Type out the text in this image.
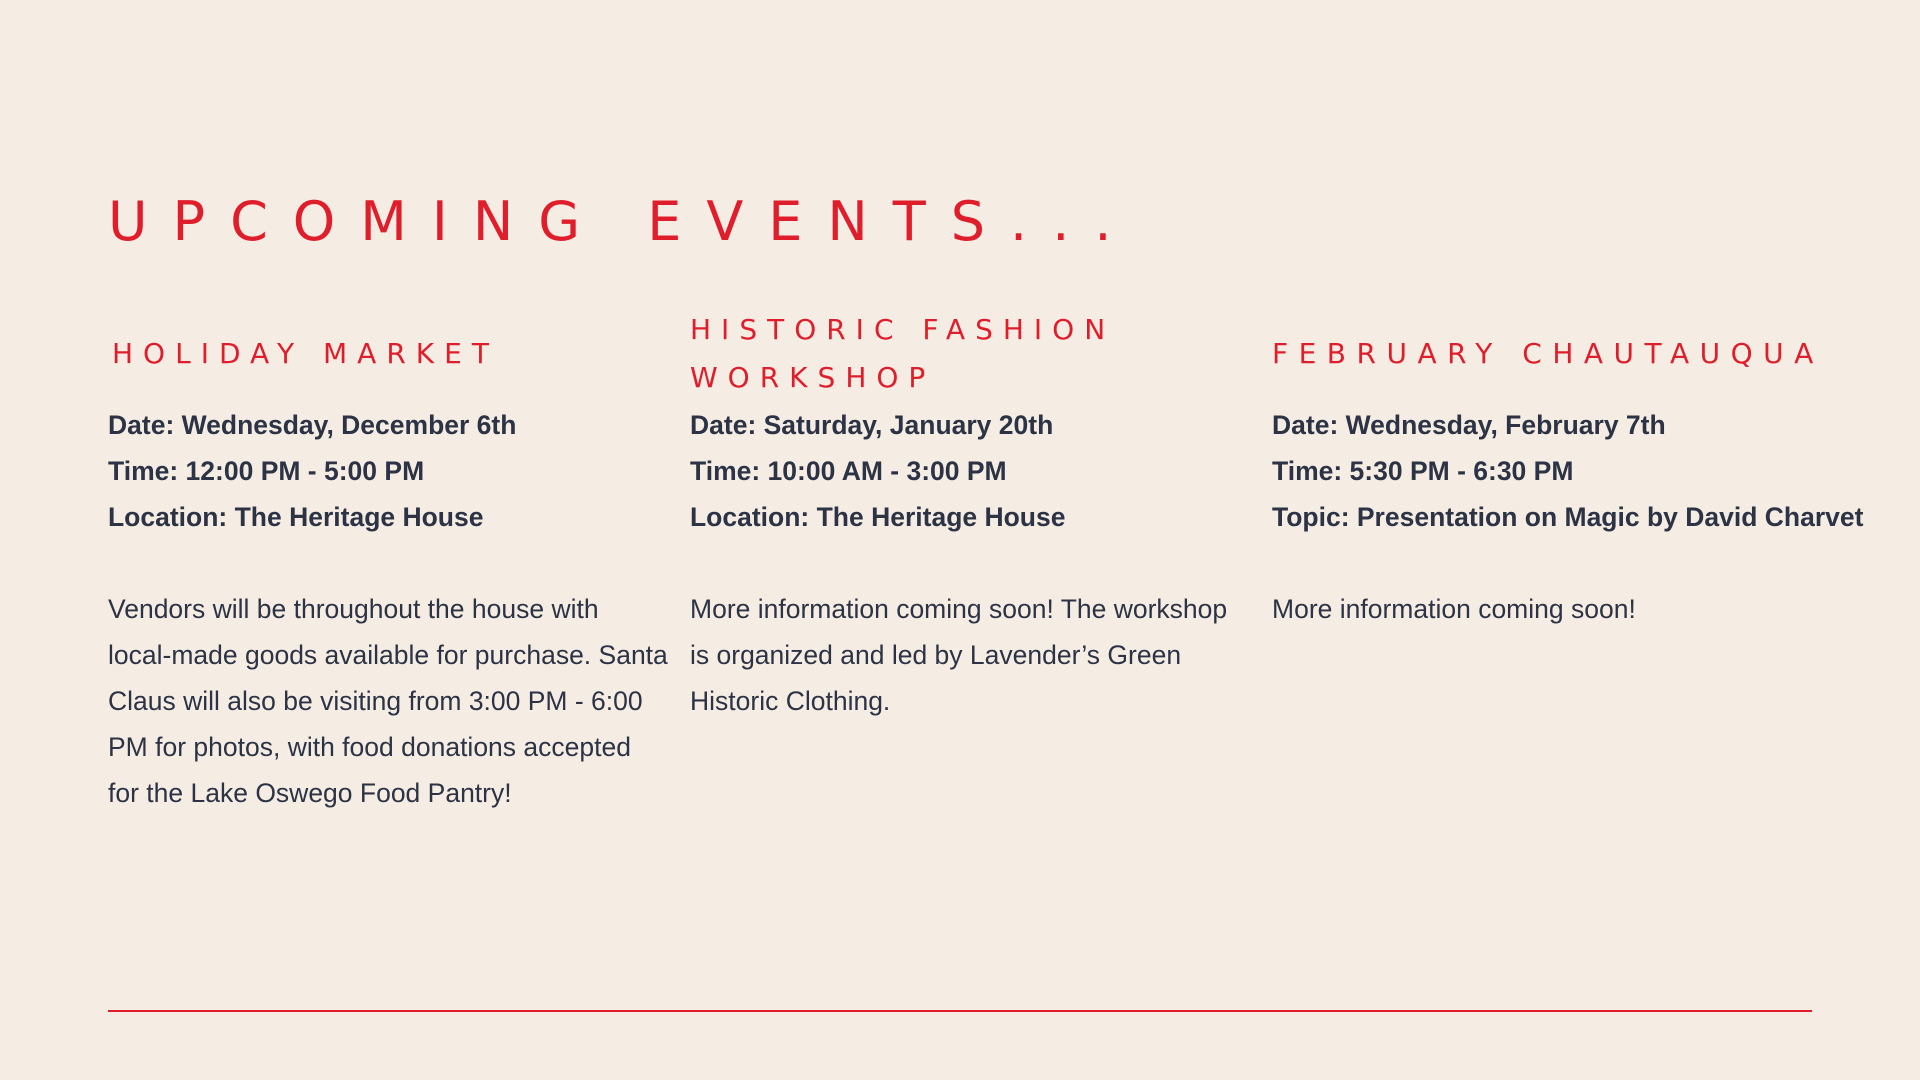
UPCOMING EVENTS...
HOLIDAY MARKET
Date: Wednesday, December 6th
Time: 12:00 PM - 5:00 PM
Location: The Heritage House

Vendors will be throughout the house with local-made goods available for purchase. Santa Claus will also be visiting from 3:00 PM - 6:00 PM for photos, with food donations accepted for the Lake Oswego Food Pantry!

HISTORIC FASHION WORKSHOP
Date: Saturday, January 20th
Time: 10:00 AM - 3:00 PM
Location: The Heritage House

More information coming soon! The workshop is organized and led by Lavender’s Green Historic Clothing.

FEBRUARY CHAUTAUQUA
Date: Wednesday, February 7th
Time: 5:30 PM - 6:30 PM
Topic: Presentation on Magic by David Charvet

More information coming soon!
